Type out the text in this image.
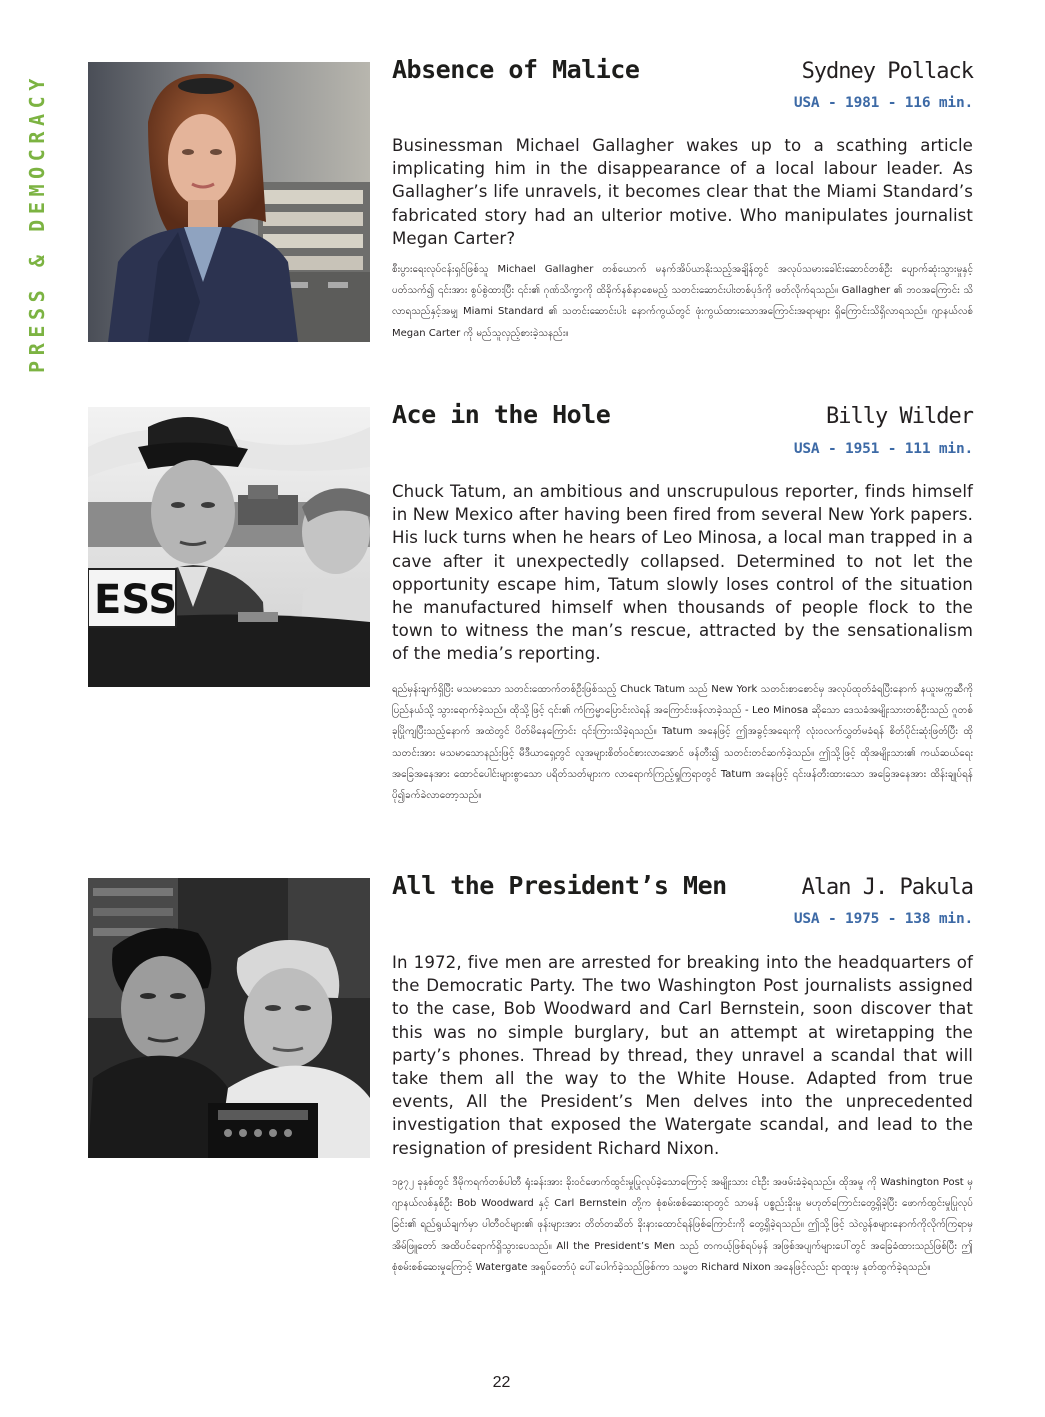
PRESS & DEMOCRACY
Absence of Malice	Sydney Pollack

USA - 1981 - 116 min.

Businessman Michael Gallagher wakes up to a scathing article implicating him in the disappearance of a local labour leader. As Gallagher’s life unravels, it becomes clear that the Miami Standard’s fabricated story had an ulterior motive. Who manipulates journalist Megan Carter?

စီးပွားရေးလုပ်ငန်းရှင်ဖြစ်သူ Michael Gallagher တစ်ယောက် မနက်အိပ်ယာနိုးသည့်အချိန်တွင် အလုပ်သမားခေါင်းဆောင်တစ်ဦး ပျောက်ဆုံးသွားမှုနှင့်ပတ်သက်၍ ၎င်းအား စွပ်စွဲထားပြီး ၎င်း၏ ဂုဏ်သိက္ခာကို ထိခိုက်နစ်နာစေမည့် သတင်းဆောင်းပါးတစ်ပုဒ်ကို ဖတ်လိုက်ရသည်။ Gallagher ၏ ဘဝအကြောင်း သိလာရသည်နှင့်အမျှ Miami Standard ၏ သတင်းဆောင်းပါး နောက်ကွယ်တွင် ဖုံးကွယ်ထားသောအကြောင်းအရာများ ရှိကြောင်းသိရှိလာရသည်။ ဂျာနယ်လစ် Megan Carter ကို မည်သူလှည့်စားခဲ့သနည်း။

ESS
Ace in the Hole	Billy Wilder

USA - 1951 - 111 min.

Chuck Tatum, an ambitious and unscrupulous reporter, finds himself in New Mexico after having been fired from several New York papers. His luck turns when he hears of Leo Minosa, a local man trapped in a cave after it unexpectedly collapsed. Determined to not let the opportunity escape him, Tatum slowly loses control of the situation he manufactured himself when thousands of people flock to the town to witness the man’s rescue, attracted by the sensationalism of the media’s reporting.

ရည်မှန်းချက်ရှိပြီး မသမာသော သတင်းထောက်တစ်ဦးဖြစ်သည့် Chuck Tatum သည် New York သတင်းစာစောင်မှ အလုပ်ထုတ်ခံရပြီးနောက် နယူးမက္ကဆီကိုပြည်နယ်သို့ သွားရောက်ခဲ့သည်။ ထိုသို့ဖြင့် ၎င်း၏ ကံကြမ္မာပြောင်းလဲရန် အကြောင်းဖန်လာခဲ့သည် - Leo Minosa ဆိုသော ဒေသခံအမျိုးသားတစ်ဦးသည် ဂူတစ်ခုပြိုကျပြီးသည့်နောက် အထဲတွင် ပိတ်မိနေကြောင်း ၎င်းကြားသိခဲ့ရသည်။ Tatum အနေဖြင့် ဤအခွင့်အရေးကို လုံးဝလက်လွှတ်မခံရန် စိတ်ပိုင်းဆုံးဖြတ်ပြီး ထိုသတင်းအား မသမာသောနည်းဖြင့် မီဒီယာရှေ့တွင် လူအများစိတ်ဝင်စားလာအောင် ဖန်တီး၍ သတင်းတင်ဆက်ခဲ့သည်။ ဤသို့ဖြင့် ထိုအမျိုးသား၏ ကယ်ဆယ်ရေးအခြေအနေအား ထောင်ပေါင်းများစွာသော ပရိတ်သတ်များက လာရောက်ကြည့်ရှုကြရာတွင် Tatum အနေဖြင့် ၎င်းဖန်တီးထားသော အခြေအနေအား ထိန်းချုပ်ရန် ပို၍ခက်ခဲလာတော့သည်။

All the President’s Men	Alan J. Pakula

USA - 1975 - 138 min.

In 1972, five men are arrested for breaking into the headquarters of the Democratic Party. The two Washington Post journalists assigned to the case, Bob Woodward and Carl Bernstein, soon discover that this was no simple burglary, but an attempt at wiretapping the party’s phones. Thread by thread, they unravel a scandal that will take them all the way to the White House. Adapted from true events, All the President’s Men delves into the unprecedented investigation that exposed the Watergate scandal, and lead to the resignation of president Richard Nixon.

၁၉၇၂ ခုနှစ်တွင် ဒီမိုကရက်တစ်ပါတီ ရုံးခန်းအား ခိုးဝင်ဖောက်ထွင်းမှုပြုလုပ်ခဲ့သောကြောင့် အမျိုးသား ငါးဦး အဖမ်းခံခဲ့ရသည်။ ထိုအမှု ကို Washington Post မှ ဂျာနယ်လစ်နှစ်ဦး Bob Woodward နှင့် Carl Bernstein တို့က စုံစမ်းစစ်ဆေးရာတွင် သာမန် ပစ္စည်းခိုးမှု မဟုတ်ကြောင်းတွေ့ရှိခဲ့ပြီး ဖောက်ထွင်းမှုပြုလုပ်ခြင်း၏ ရည်ရွယ်ချက်မှာ ပါတီဝင်များ၏ ဖုန်းများအား တိတ်တဆိတ် ခိုးနားထောင်ရန်ဖြစ်ကြောင်းကို တွေ့ရှိခဲ့ရသည်။ ဤသို့ဖြင့် သဲလွန်စများနောက်ကိုလိုက်ကြရာမှ အိမ်ဖြူတော် အထိပင်ရောက်ရှိသွားပေသည်။ All the President’s Men သည် တကယ့်ဖြစ်ရပ်မှန် အဖြစ်အပျက်များပေါ်တွင် အခြေခံထားသည်ဖြစ်ပြီး ဤစုံစမ်းစစ်ဆေးမှုကြောင့် Watergate အရှုပ်တော်ပုံ ပေါ်ပေါက်ခဲ့သည်ဖြစ်ကာ သမ္မတ Richard Nixon အနေဖြင့်လည်း ရာထူးမှ နုတ်ထွက်ခဲ့ရသည်။

22
